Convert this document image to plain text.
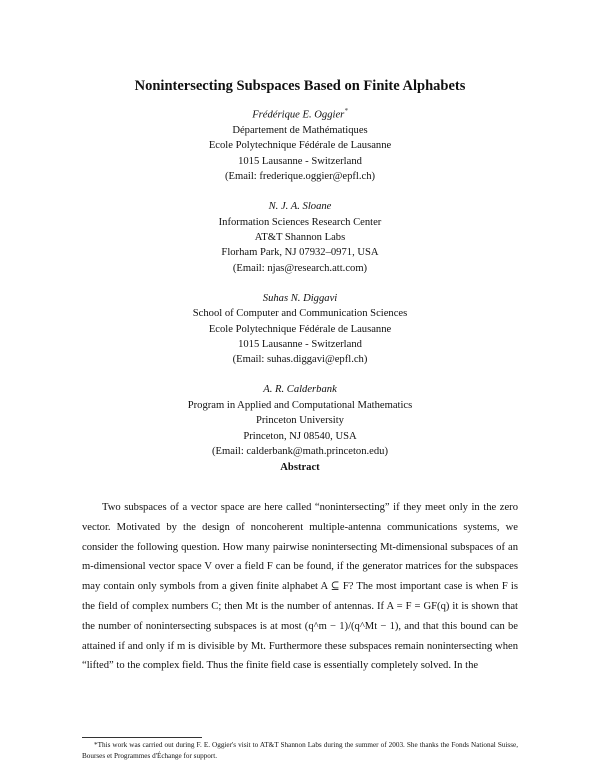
Nonintersecting Subspaces Based on Finite Alphabets
Frédérique E. Oggier*
Département de Mathématiques
Ecole Polytechnique Fédérale de Lausanne
1015 Lausanne - Switzerland
(Email: frederique.oggier@epfl.ch)
N. J. A. Sloane
Information Sciences Research Center
AT&T Shannon Labs
Florham Park, NJ 07932–0971, USA
(Email: njas@research.att.com)
Suhas N. Diggavi
School of Computer and Communication Sciences
Ecole Polytechnique Fédérale de Lausanne
1015 Lausanne - Switzerland
(Email: suhas.diggavi@epfl.ch)
A. R. Calderbank
Program in Applied and Computational Mathematics
Princeton University
Princeton, NJ 08540, USA
(Email: calderbank@math.princeton.edu)
Abstract

Two subspaces of a vector space are here called “nonintersecting” if they meet only in the zero vector. Motivated by the design of noncoherent multiple-antenna communications systems, we consider the following question. How many pairwise nonintersecting Mt-dimensional subspaces of an m-dimensional vector space V over a field F can be found, if the generator matrices for the subspaces may contain only symbols from a given finite alphabet A ⊆ F? The most important case is when F is the field of complex numbers C; then Mt is the number of antennas. If A = F = GF(q) it is shown that the number of nonintersecting subspaces is at most (q^m − 1)/(q^Mt − 1), and that this bound can be attained if and only if m is divisible by Mt. Furthermore these subspaces remain nonintersecting when “lifted” to the complex field. Thus the finite field case is essentially completely solved. In the

*This work was carried out during F. E. Oggier's visit to AT&T Shannon Labs during the summer of 2003. She thanks the Fonds National Suisse, Bourses et Programmes d'Échange for support.
